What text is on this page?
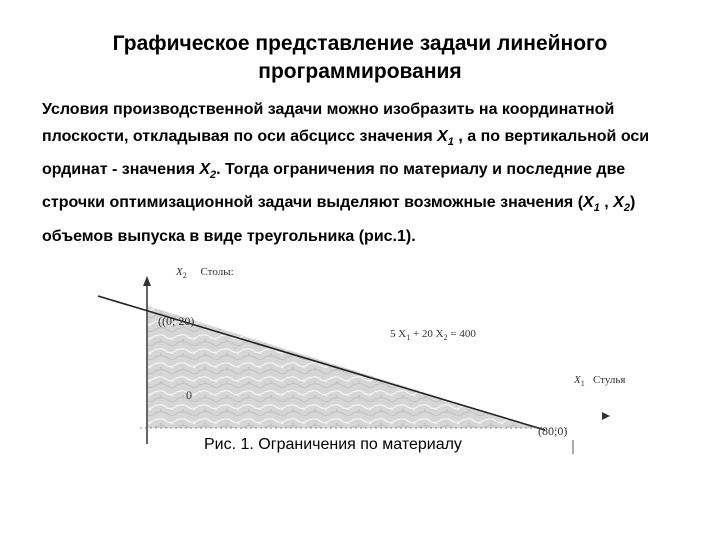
Графическое представление задачи линейного
программирования
Условия производственной задачи можно изобразить на координатной плоскости, откладывая по оси абсцисс значения $X_1$ , а по вертикальной оси ординат - значения $X_2$. Тогда ограничения по материалу и последние две строчки оптимизационной задачи выделяют возможные значения ($X_1$ , $X_2$) объемов выпуска в виде треугольника (рис.1).
$X_2$ Столы:
((0; 20)
5 $X_1 + 20$ $X_2 = 400$
$X_1$ Стулья
0
(80;0)
Рис. 1. Ограничения по материалу
